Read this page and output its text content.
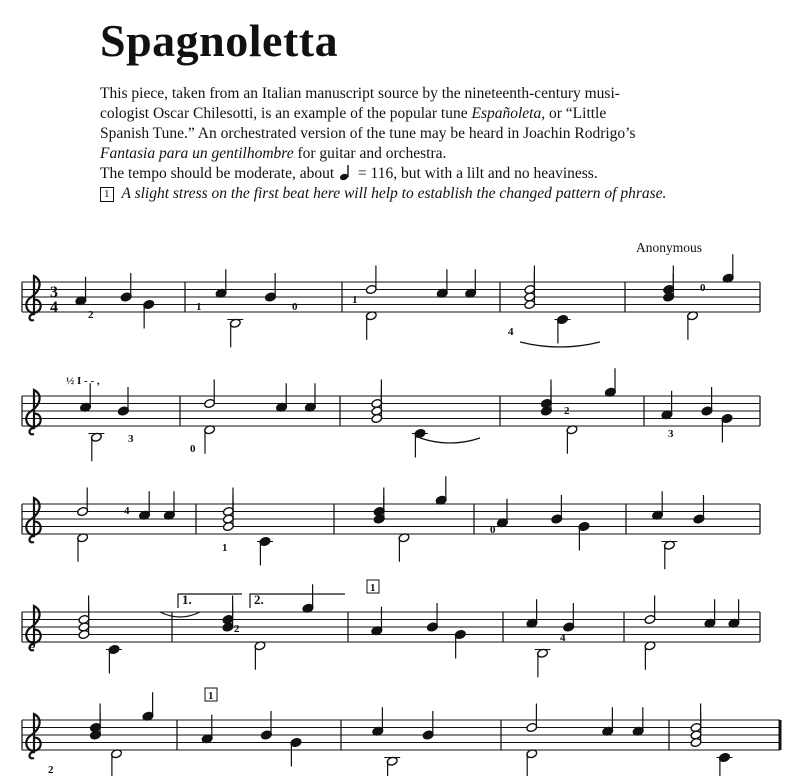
Spagnoletta

This piece, taken from an Italian manuscript source by the nineteenth-century musi-

cologist Oscar Chilesotti, is an example of the popular tune Españoleta, or “Little

Spanish Tune.” An orchestrated version of the tune may be heard in Joachin Rodrigo’s

Fantasia para un gentilhombre for guitar and orchestra.

The tempo should be moderate, about  = 116, but with a lilt and no heaviness.

1 A slight stress on the first beat here will help to establish the changed pattern of phrase.

Anonymous
3
4	2
1	0
1
4
0
3
0
2
3
4
1
0
3
2
4
2
½ I - - ,
1.	2.
1
1
